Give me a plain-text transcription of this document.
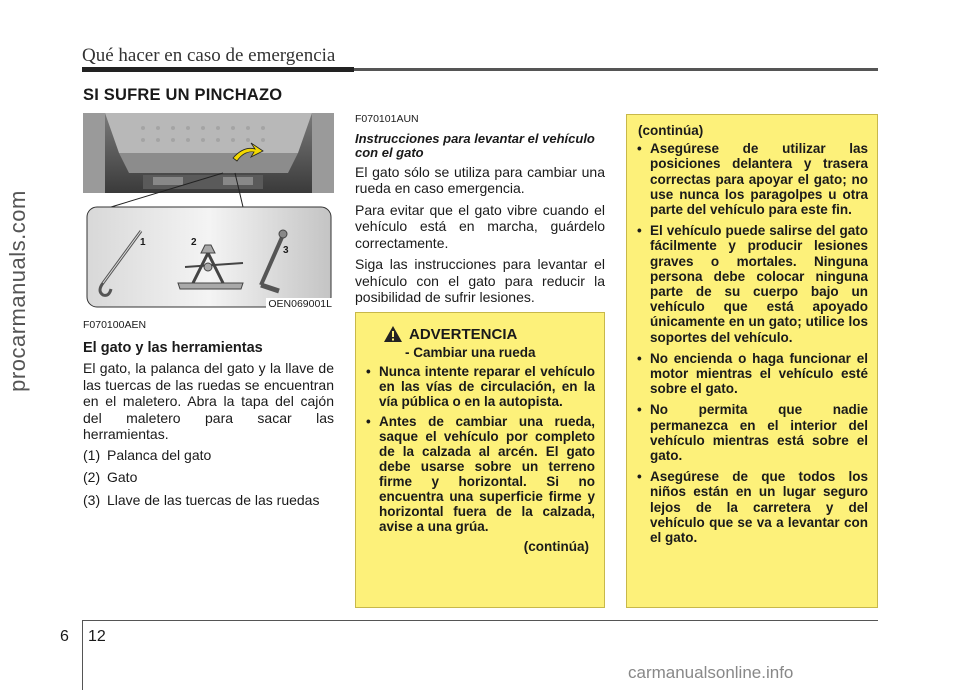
Qué hacer en caso de emergencia
SI SUFRE UN PINCHAZO
procarmanuals.com	1	2
3
OEN069001L
F070100AEN
El gato y las herramientas

El gato, la palanca del gato y la llave de las tuercas de las ruedas se encuentran en el maletero. Abra la tapa del cajón del maletero para sacar las herramientas.

(1) Palanca del gato
(2) Gato
(3) Llave de las tuercas de las ruedas
F070101AUN
Instrucciones para levantar el vehículo con el gato

El gato sólo se utiliza para cambiar una rueda en caso emergencia.

Para evitar que el gato vibre cuando el vehículo está en marcha, guárdelo correctamente.

Siga las instrucciones para levantar el vehículo con el gato para reducir la posibilidad de sufrir lesiones.

ADVERTENCIA
- Cambiar una rueda
• Nunca intente reparar el vehículo en las vías de circulación, en la vía pública o en la autopista.
• Antes de cambiar una rueda, saque el vehículo por completo de la calzada al arcén. El gato debe usarse sobre un terreno firme y horizontal. Si no encuentra una superficie firme y horizontal fuera de la calzada, avise a una grúa.
(continúa)
(continúa)
• Asegúrese de utilizar las posiciones delantera y trasera correctas para apoyar el gato; no use nunca los paragolpes u otra parte del vehículo para este fin.
• El vehículo puede salirse del gato fácilmente y producir lesiones graves o mortales. Ninguna persona debe colocar ninguna parte de su cuerpo bajo un vehículo que está apoyado únicamente en un gato; utilice los soportes del vehículo.
• No encienda o haga funcionar el motor mientras el vehículo esté sobre el gato.
• No permita que nadie permanezca en el interior del vehículo mientras está sobre el gato.
• Asegúrese de que todos los niños están en un lugar seguro lejos de la carretera y del vehículo que se va a levantar con el gato.
6 12
carmanualsonline.info
